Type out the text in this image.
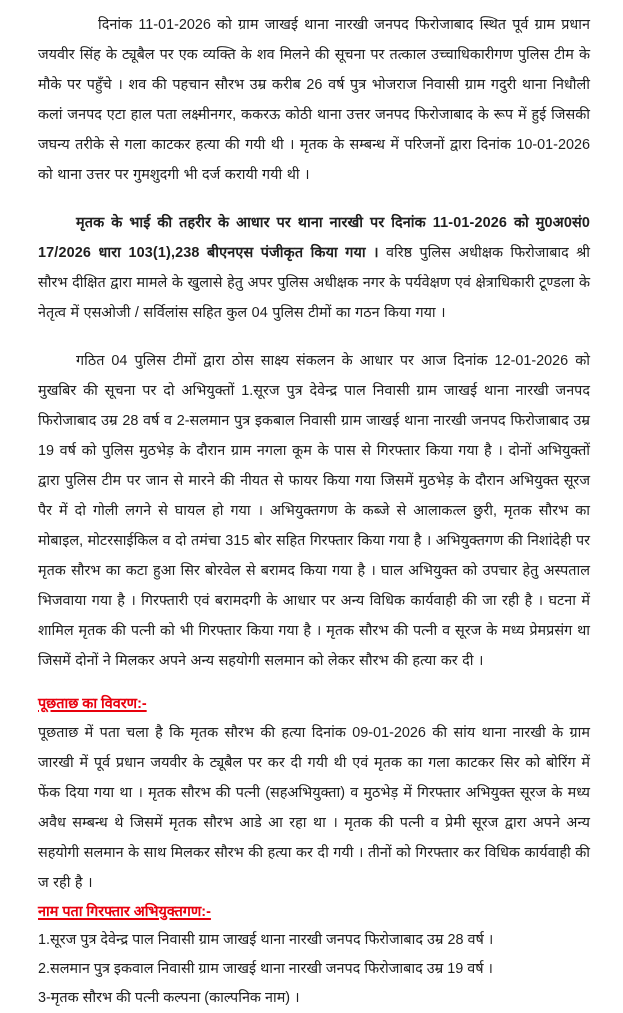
दिनांक 11-01-2026 को ग्राम जाखई थाना नारखी जनपद फिरोजाबाद स्थित पूर्व ग्राम प्रधान जयवीर सिंह के ट्यूबैल पर एक व्यक्ति के शव मिलने की सूचना पर तत्काल उच्चाधिकारीगण पुलिस टीम के मौके पर पहुँचे । शव की पहचान सौरभ उम्र करीब 26 वर्ष पुत्र भोजराज निवासी ग्राम गदुरी थाना निधौली कलां जनपद एटा हाल पता लक्ष्मीनगर, ककरऊ कोठी थाना उत्तर जनपद फिरोजाबाद के रूप में हुई जिसकी जघन्य तरीके से गला काटकर हत्या की गयी थी । मृतक के सम्बन्ध में परिजनों द्वारा दिनांक 10-01-2026 को थाना उत्तर पर गुमशुदगी भी दर्ज करायी गयी थी ।

मृतक के भाई की तहरीर के आधार पर थाना नारखी पर दिनांक 11-01-2026 को मु0अ0सं0 17/2026 धारा 103(1),238 बीएनएस पंजीकृत किया गया । वरिष्ठ पुलिस अधीक्षक फिरोजाबाद श्री सौरभ दीक्षित द्वारा मामले के खुलासे हेतु अपर पुलिस अधीक्षक नगर के पर्यवेक्षण एवं क्षेत्राधिकारी टूण्डला के नेतृत्व में एसओजी / सर्विलांस सहित कुल 04 पुलिस टीमों का गठन किया गया ।

गठित 04 पुलिस टीमों द्वारा ठोस साक्ष्य संकलन के आधार पर आज दिनांक 12-01-2026 को मुखबिर की सूचना पर दो अभियुक्तों 1.सूरज पुत्र देवेन्द्र पाल निवासी ग्राम जाखई थाना नारखी जनपद फिरोजाबाद उम्र 28 वर्ष व 2-सलमान पुत्र इकबाल निवासी ग्राम जाखई थाना नारखी जनपद फिरोजाबाद उम्र 19 वर्ष को पुलिस मुठभेड़ के दौरान ग्राम नगला कूम के पास से गिरफ्तार किया गया है । दोनों अभियुक्तों द्वारा पुलिस टीम पर जान से मारने की नीयत से फायर किया गया जिसमें मुठभेड़ के दौरान अभियुक्त सूरज पैर में दो गोली लगने से घायल हो गया । अभियुक्तगण के कब्जे से आलाकत्ल छुरी, मृतक सौरभ का मोबाइल, मोटरसाईकिल व दो तमंचा 315 बोर सहित गिरफ्तार किया गया है । अभियुक्तगण की निशांदेही पर मृतक सौरभ का कटा हुआ सिर बोरवेल से बरामद किया गया है । घाल अभियुक्त को उपचार हेतु अस्पताल भिजवाया गया है । गिरफ्तारी एवं बरामदगी के आधार पर अन्य विधिक कार्यवाही की जा रही है । घटना में शामिल मृतक की पत्नी को भी गिरफ्तार किया गया है । मृतक सौरभ की पत्नी व सूरज के मध्य प्रेमप्रसंग था जिसमें दोनों ने मिलकर अपने अन्य सहयोगी सलमान को लेकर सौरभ की हत्या कर दी ।

पूछताछ का विवरण:-

पूछताछ में पता चला है कि मृतक सौरभ की हत्या दिनांक 09-01-2026 की सांय थाना नारखी के ग्राम जारखी में पूर्व प्रधान जयवीर के ट्यूबैल पर कर दी गयी थी एवं मृतक का गला काटकर सिर को बोरिंग में फेंक दिया गया था । मृतक सौरभ की पत्नी (सहअभियुक्ता) व मुठभेड़ में गिरफ्तार अभियुक्त सूरज के मध्य अवैध सम्बन्ध थे जिसमें मृतक सौरभ आडे आ रहा था । मृतक की पत्नी व प्रेमी सूरज द्वारा अपने अन्य सहयोगी सलमान के साथ मिलकर सौरभ की हत्या कर दी गयी । तीनों को गिरफ्तार कर विधिक कार्यवाही की ज रही है ।

नाम पता गिरफ्तार अभियुक्तगण:-

1.सूरज पुत्र देवेन्द्र पाल निवासी ग्राम जाखई थाना नारखी जनपद फिरोजाबाद उम्र 28 वर्ष ।

2.सलमान पुत्र इकवाल निवासी ग्राम जाखई थाना नारखी जनपद फिरोजाबाद उम्र 19 वर्ष ।

3-मृतक सौरभ की पत्नी कल्पना (काल्पनिक नाम) ।
